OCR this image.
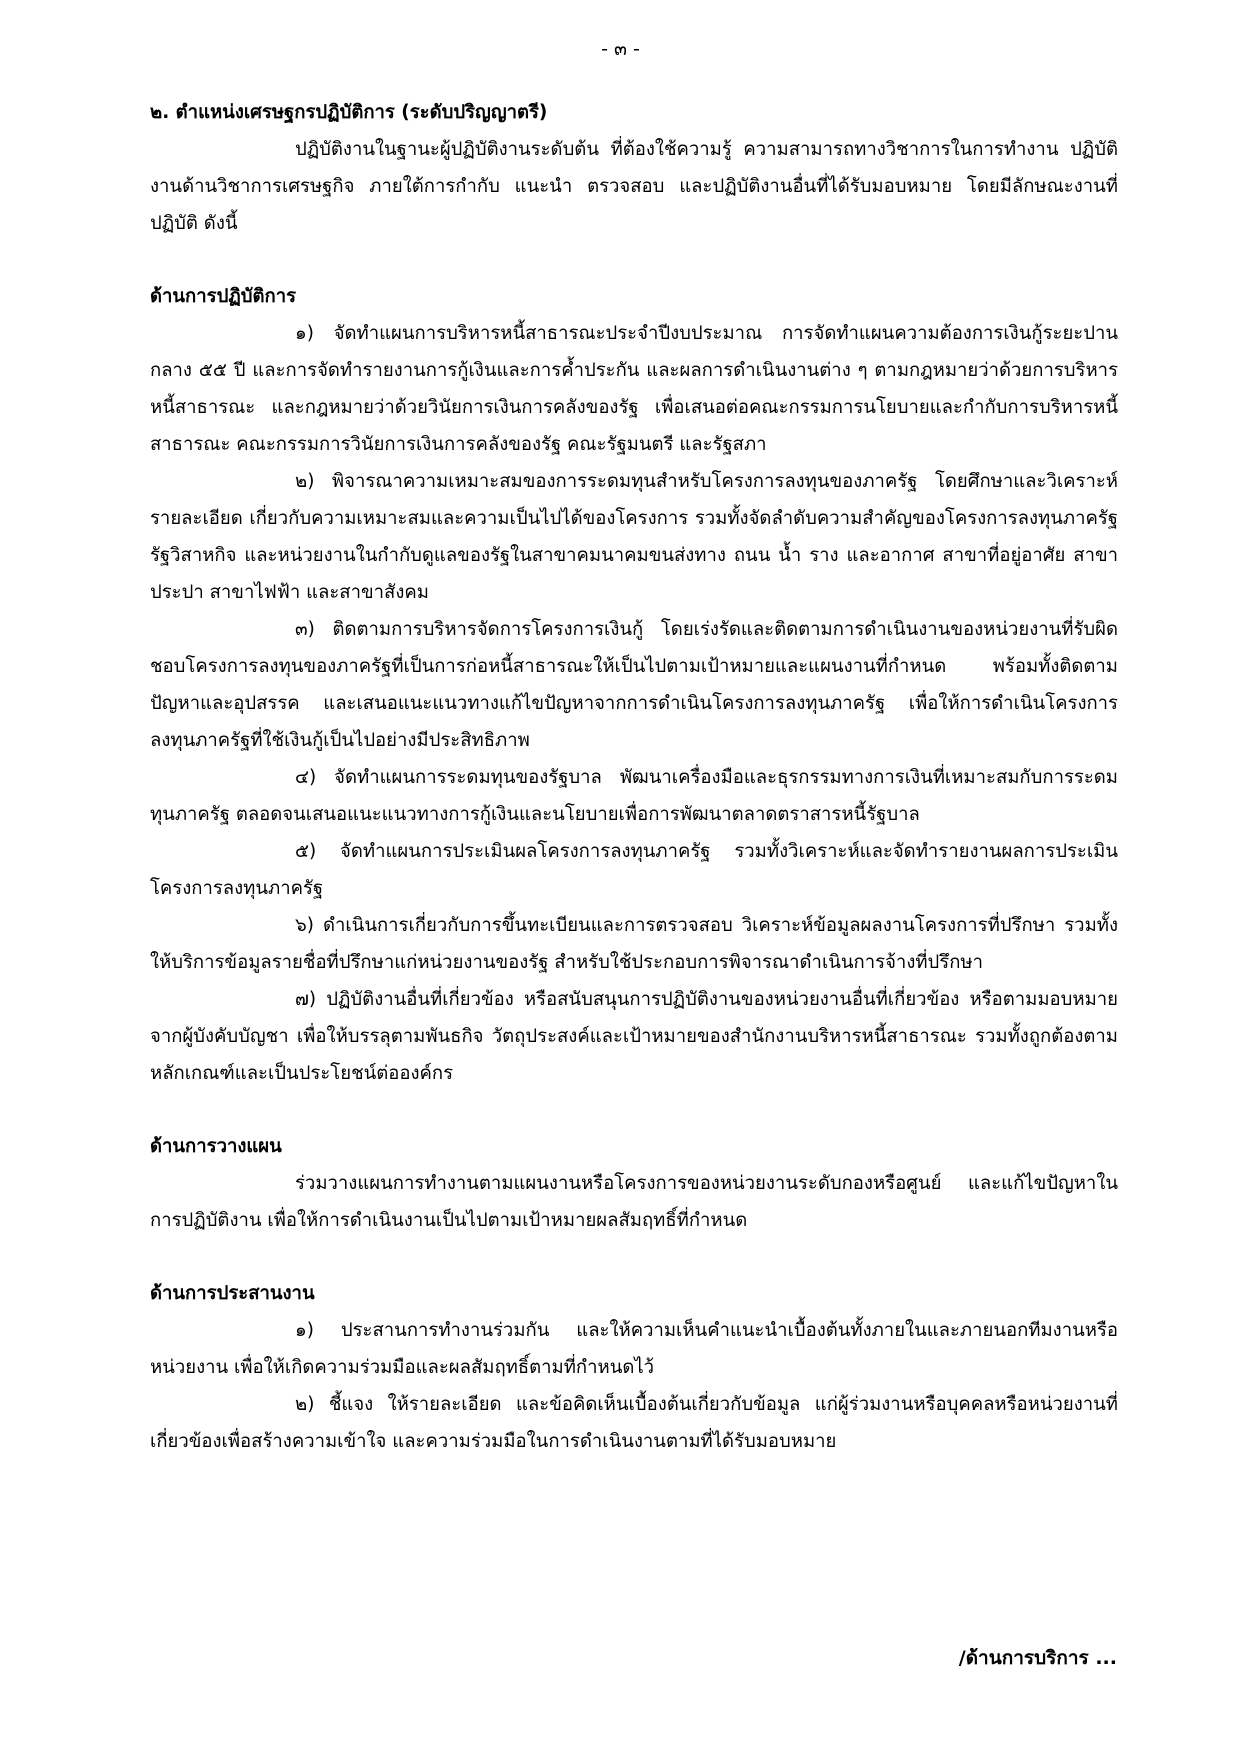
- ๓ -

๒. ตำแหน่งเศรษฐกรปฏิบัติการ (ระดับปริญญาตรี)

ปฏิบัติงานในฐานะผู้ปฏิบัติงานระดับต้น ที่ต้องใช้ความรู้ ความสามารถทางวิชาการในการทำงาน ปฏิบัติงานด้านวิชาการเศรษฐกิจ ภายใต้การกำกับ แนะนำ ตรวจสอบ และปฏิบัติงานอื่นที่ได้รับมอบหมาย โดยมีลักษณะงานที่ปฏิบัติ ดังนี้

ด้านการปฏิบัติการ

๑) จัดทำแผนการบริหารหนี้สาธารณะประจำปีงบประมาณ การจัดทำแผนความต้องการเงินกู้ระยะปานกลาง ๕๕ ปี และการจัดทำรายงานการกู้เงินและการค้ำประกัน และผลการดำเนินงานต่าง ๆ ตามกฎหมายว่าด้วยการบริหารหนี้สาธารณะ และกฎหมายว่าด้วยวินัยการเงินการคลังของรัฐ เพื่อเสนอต่อคณะกรรมการนโยบายและกำกับการบริหารหนี้สาธารณะ คณะกรรมการวินัยการเงินการคลังของรัฐ คณะรัฐมนตรี และรัฐสภา

๒) พิจารณาความเหมาะสมของการระดมทุนสำหรับโครงการลงทุนของภาครัฐ โดยศึกษาและวิเคราะห์รายละเอียด เกี่ยวกับความเหมาะสมและความเป็นไปได้ของโครงการ รวมทั้งจัดลำดับความสำคัญของโครงการลงทุนภาครัฐ รัฐวิสาหกิจ และหน่วยงานในกำกับดูแลของรัฐในสาขาคมนาคมขนส่งทาง ถนน น้ำ ราง และอากาศ สาขาที่อยู่อาศัย สาขาประปา สาขาไฟฟ้า และสาขาสังคม

๓) ติดตามการบริหารจัดการโครงการเงินกู้ โดยเร่งรัดและติดตามการดำเนินงานของหน่วยงานที่รับผิดชอบโครงการลงทุนของภาครัฐที่เป็นการก่อหนี้สาธารณะให้เป็นไปตามเป้าหมายและแผนงานที่กำหนด พร้อมทั้งติดตามปัญหาและอุปสรรค และเสนอแนะแนวทางแก้ไขปัญหาจากการดำเนินโครงการลงทุนภาครัฐ เพื่อให้การดำเนินโครงการลงทุนภาครัฐที่ใช้เงินกู้เป็นไปอย่างมีประสิทธิภาพ

๔) จัดทำแผนการระดมทุนของรัฐบาล พัฒนาเครื่องมือและธุรกรรมทางการเงินที่เหมาะสมกับการระดมทุนภาครัฐ ตลอดจนเสนอแนะแนวทางการกู้เงินและนโยบายเพื่อการพัฒนาตลาดตราสารหนี้รัฐบาล

๕) จัดทำแผนการประเมินผลโครงการลงทุนภาครัฐ รวมทั้งวิเคราะห์และจัดทำรายงานผลการประเมินโครงการลงทุนภาครัฐ

๖) ดำเนินการเกี่ยวกับการขึ้นทะเบียนและการตรวจสอบ วิเคราะห์ข้อมูลผลงานโครงการที่ปรึกษา รวมทั้ง ให้บริการข้อมูลรายชื่อที่ปรึกษาแก่หน่วยงานของรัฐ สำหรับใช้ประกอบการพิจารณาดำเนินการจ้างที่ปรึกษา

๗) ปฏิบัติงานอื่นที่เกี่ยวข้อง หรือสนับสนุนการปฏิบัติงานของหน่วยงานอื่นที่เกี่ยวข้อง หรือตามมอบหมายจากผู้บังคับบัญชา เพื่อให้บรรลุตามพันธกิจ วัตถุประสงค์และเป้าหมายของสำนักงานบริหารหนี้สาธารณะ รวมทั้งถูกต้องตามหลักเกณฑ์และเป็นประโยชน์ต่อองค์กร

ด้านการวางแผน

ร่วมวางแผนการทำงานตามแผนงานหรือโครงการของหน่วยงานระดับกองหรือศูนย์ และแก้ไขปัญหาในการปฏิบัติงาน เพื่อให้การดำเนินงานเป็นไปตามเป้าหมายผลสัมฤทธิ์ที่กำหนด

ด้านการประสานงาน

๑) ประสานการทำงานร่วมกัน และให้ความเห็นคำแนะนำเบื้องต้นทั้งภายในและภายนอกทีมงานหรือหน่วยงาน เพื่อให้เกิดความร่วมมือและผลสัมฤทธิ์ตามที่กำหนดไว้

๒) ชี้แจง ให้รายละเอียด และข้อคิดเห็นเบื้องต้นเกี่ยวกับข้อมูล แก่ผู้ร่วมงานหรือบุคคลหรือหน่วยงานที่เกี่ยวข้องเพื่อสร้างความเข้าใจ และความร่วมมือในการดำเนินงานตามที่ได้รับมอบหมาย

/ด้านการบริการ ...
